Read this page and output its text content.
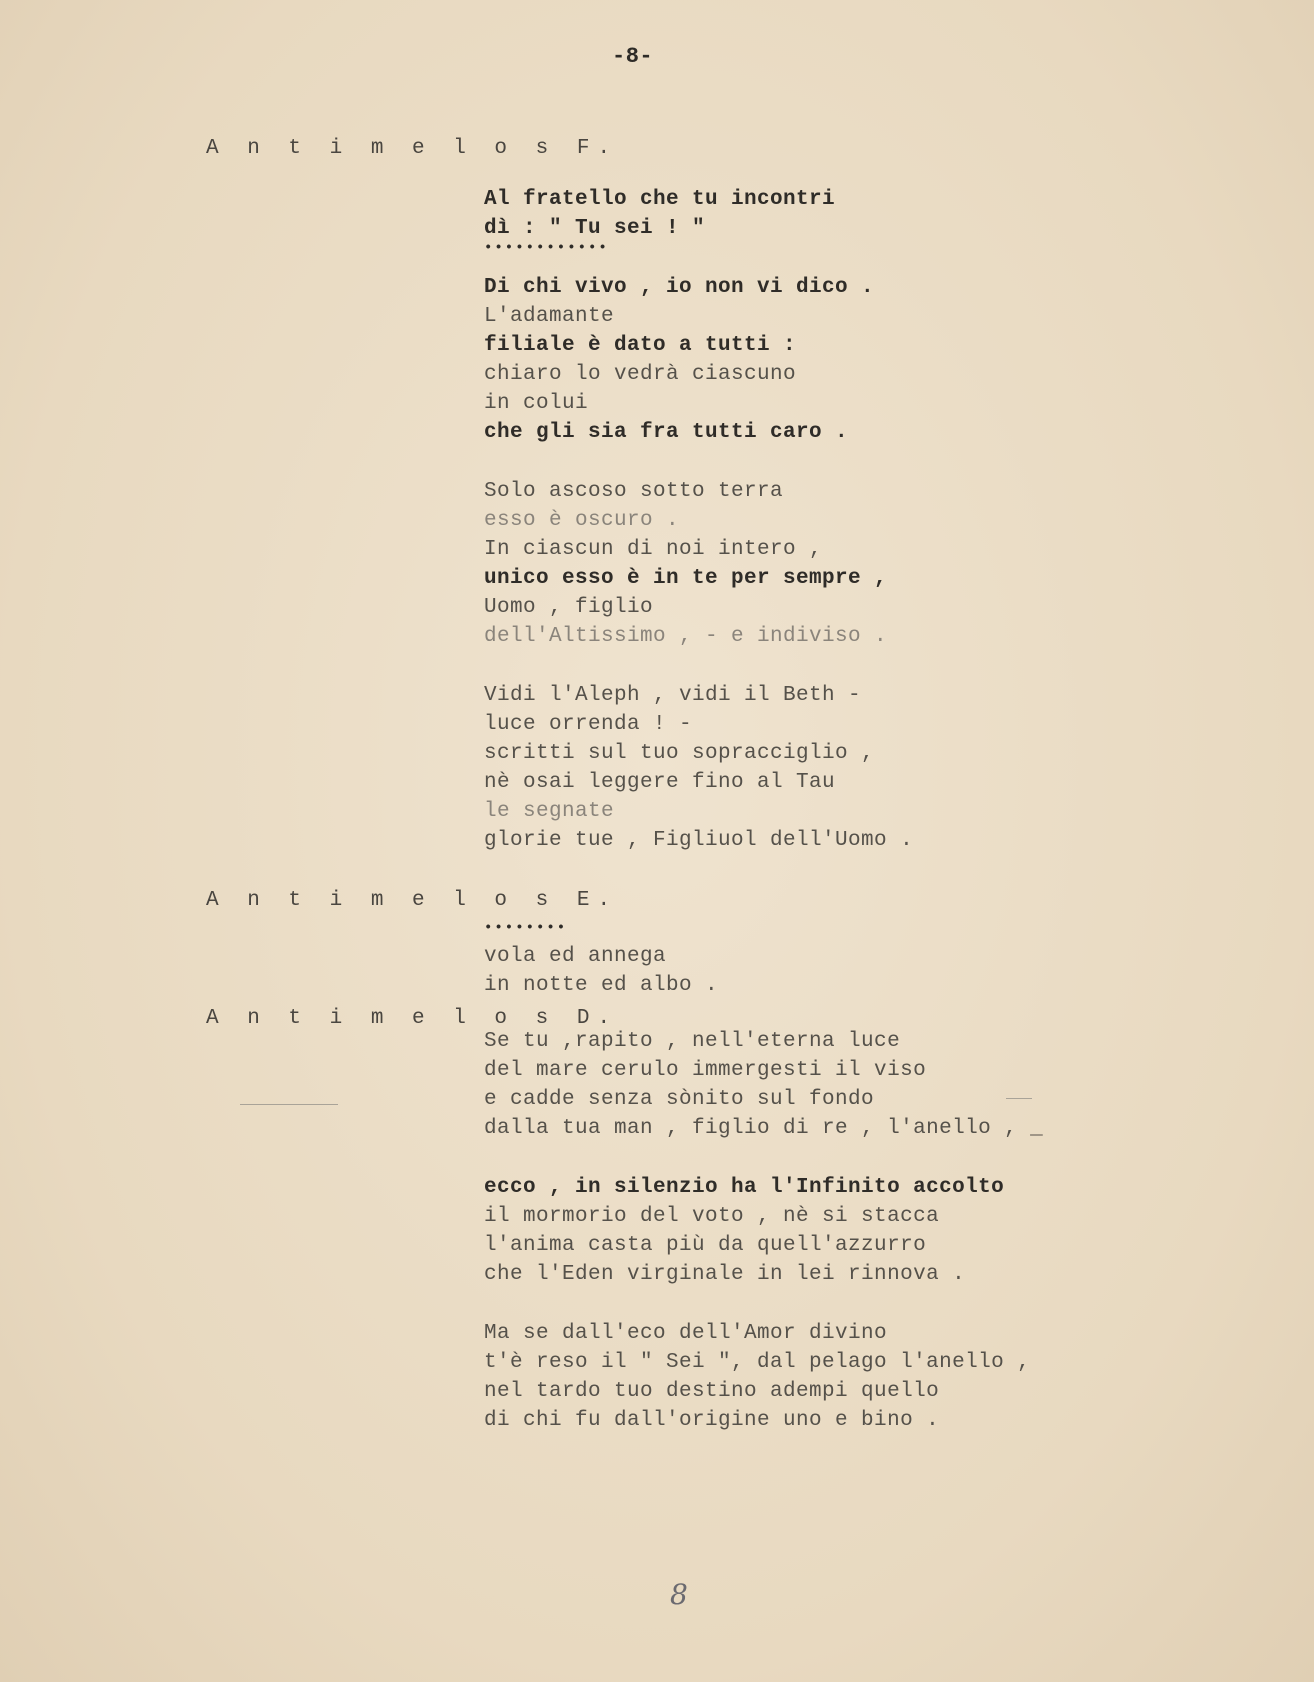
-8-
A n t i m e l o s F.
Al fratello che tu incontri
dì : " Tu sei ! "
••••••••••••
Di chi vivo , io non vi dico .
L'adamante
filiale è dato a tutti :
chiaro lo vedrà ciascuno
in colui
che gli sia fra tutti caro .
Solo ascoso sotto terra
esso è oscuro .
In ciascun di noi intero ,
unico esso è in te per sempre ,
Uomo , figlio
dell'Altissimo , - e indiviso .
Vidi l'Aleph , vidi il Beth -
luce orrenda ! -
scritti sul tuo sopracciglio ,
nè osai leggere fino al Tau
le segnate
glorie tue , Figliuol dell'Uomo .
A n t i m e l o s E.
••••••••
vola ed annega
in notte ed albo .
A n t i m e l o s D.
Se tu ,rapito , nell'eterna luce
del mare cerulo immergesti il viso
e cadde senza sònito sul fondo
dalla tua man , figlio di re , l'anello , _
ecco , in silenzio ha l'Infinito accolto
il mormorio del voto , nè si stacca
l'anima casta più da quell'azzurro
che l'Eden virginale in lei rinnova .
Ma se dall'eco dell'Amor divino
t'è reso il " Sei ", dal pelago l'anello ,
nel tardo tuo destino adempi quello
di chi fu dall'origine uno e bino .
8
